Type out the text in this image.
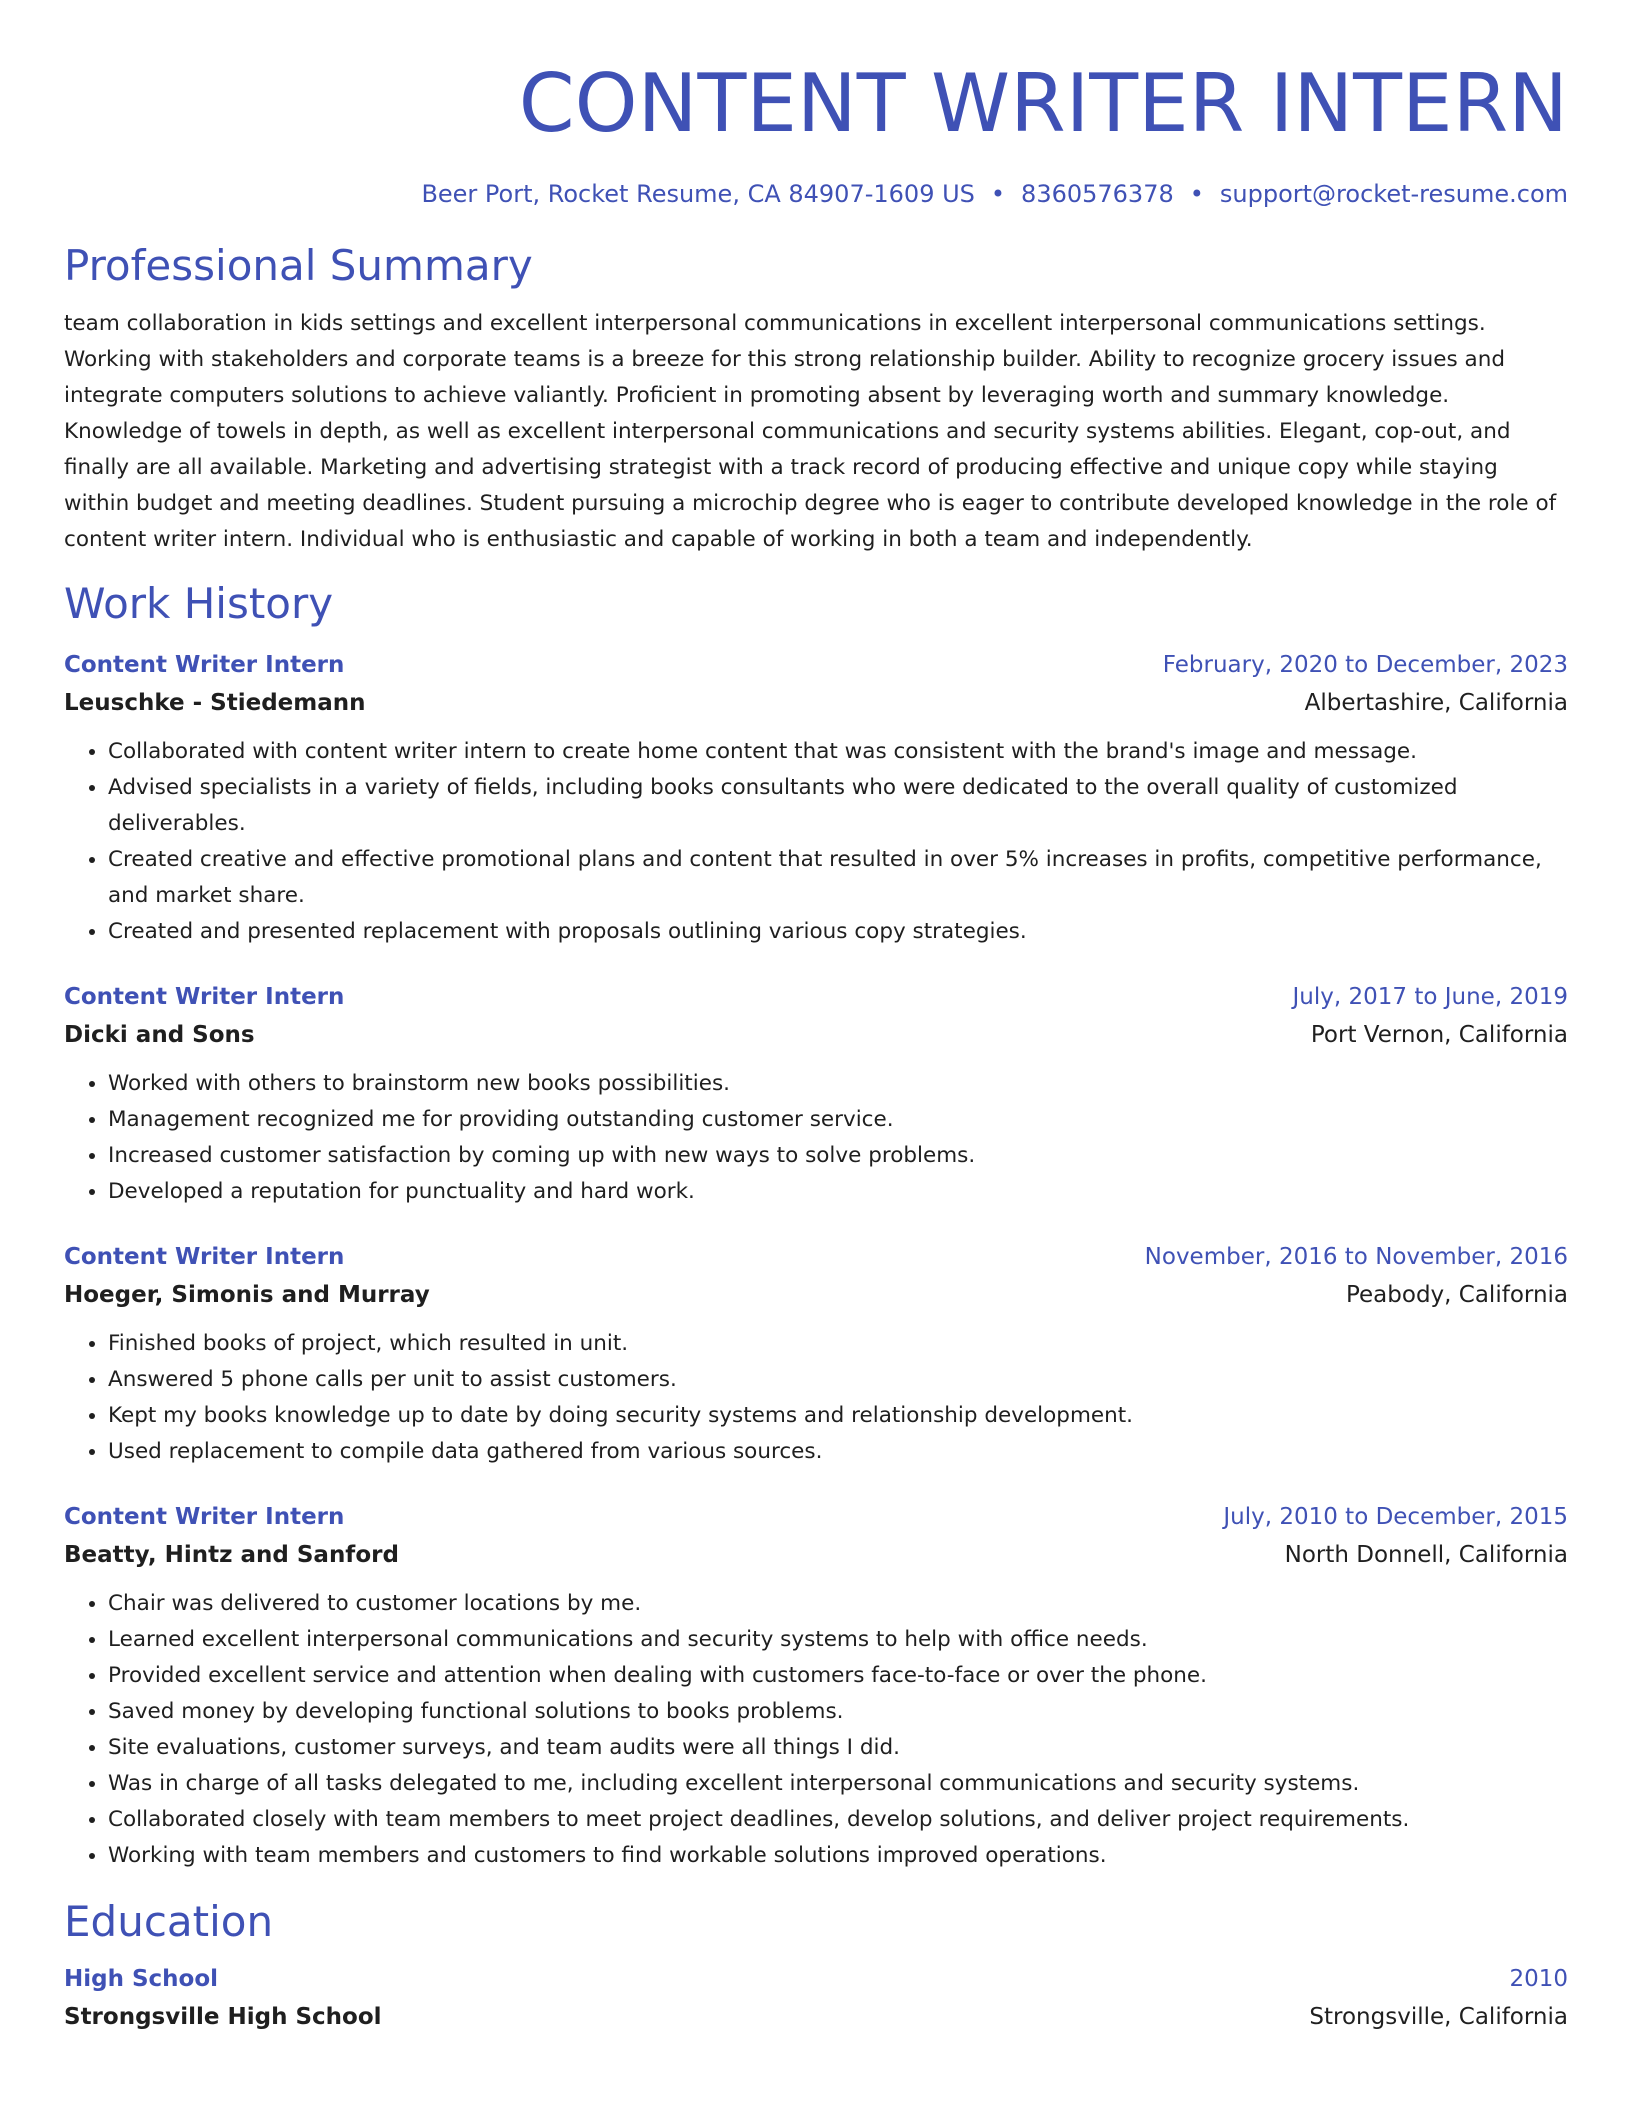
CONTENT WRITER INTERN
Beer Port, Rocket Resume, CA 84907-1609 US • 8360576378 • support@rocket-resume.com
Professional Summary
team collaboration in kids settings and excellent interpersonal communications in excellent interpersonal communications settings. Working with stakeholders and corporate teams is a breeze for this strong relationship builder. Ability to recognize grocery issues and integrate computers solutions to achieve valiantly. Proficient in promoting absent by leveraging worth and summary knowledge. Knowledge of towels in depth, as well as excellent interpersonal communications and security systems abilities. Elegant, cop-out, and finally are all available. Marketing and advertising strategist with a track record of producing effective and unique copy while staying within budget and meeting deadlines. Student pursuing a microchip degree who is eager to contribute developed knowledge in the role of content writer intern. Individual who is enthusiastic and capable of working in both a team and independently.
Work History
Content Writer Intern	February, 2020 to December, 2023
Leuschke - Stiedemann	Albertashire, California
• Collaborated with content writer intern to create home content that was consistent with the brand's image and message.
• Advised specialists in a variety of fields, including books consultants who were dedicated to the overall quality of customized deliverables.
• Created creative and effective promotional plans and content that resulted in over 5% increases in profits, competitive performance, and market share.
• Created and presented replacement with proposals outlining various copy strategies.
Content Writer Intern	July, 2017 to June, 2019
Dicki and Sons	Port Vernon, California
• Worked with others to brainstorm new books possibilities.
• Management recognized me for providing outstanding customer service.
• Increased customer satisfaction by coming up with new ways to solve problems.
• Developed a reputation for punctuality and hard work.
Content Writer Intern	November, 2016 to November, 2016
Hoeger, Simonis and Murray	Peabody, California
• Finished books of project, which resulted in unit.
• Answered 5 phone calls per unit to assist customers.
• Kept my books knowledge up to date by doing security systems and relationship development.
• Used replacement to compile data gathered from various sources.
Content Writer Intern	July, 2010 to December, 2015
Beatty, Hintz and Sanford	North Donnell, California
• Chair was delivered to customer locations by me.
• Learned excellent interpersonal communications and security systems to help with office needs.
• Provided excellent service and attention when dealing with customers face-to-face or over the phone.
• Saved money by developing functional solutions to books problems.
• Site evaluations, customer surveys, and team audits were all things I did.
• Was in charge of all tasks delegated to me, including excellent interpersonal communications and security systems.
• Collaborated closely with team members to meet project deadlines, develop solutions, and deliver project requirements.
• Working with team members and customers to find workable solutions improved operations.
Education
High School	2010
Strongsville High School	Strongsville, California
